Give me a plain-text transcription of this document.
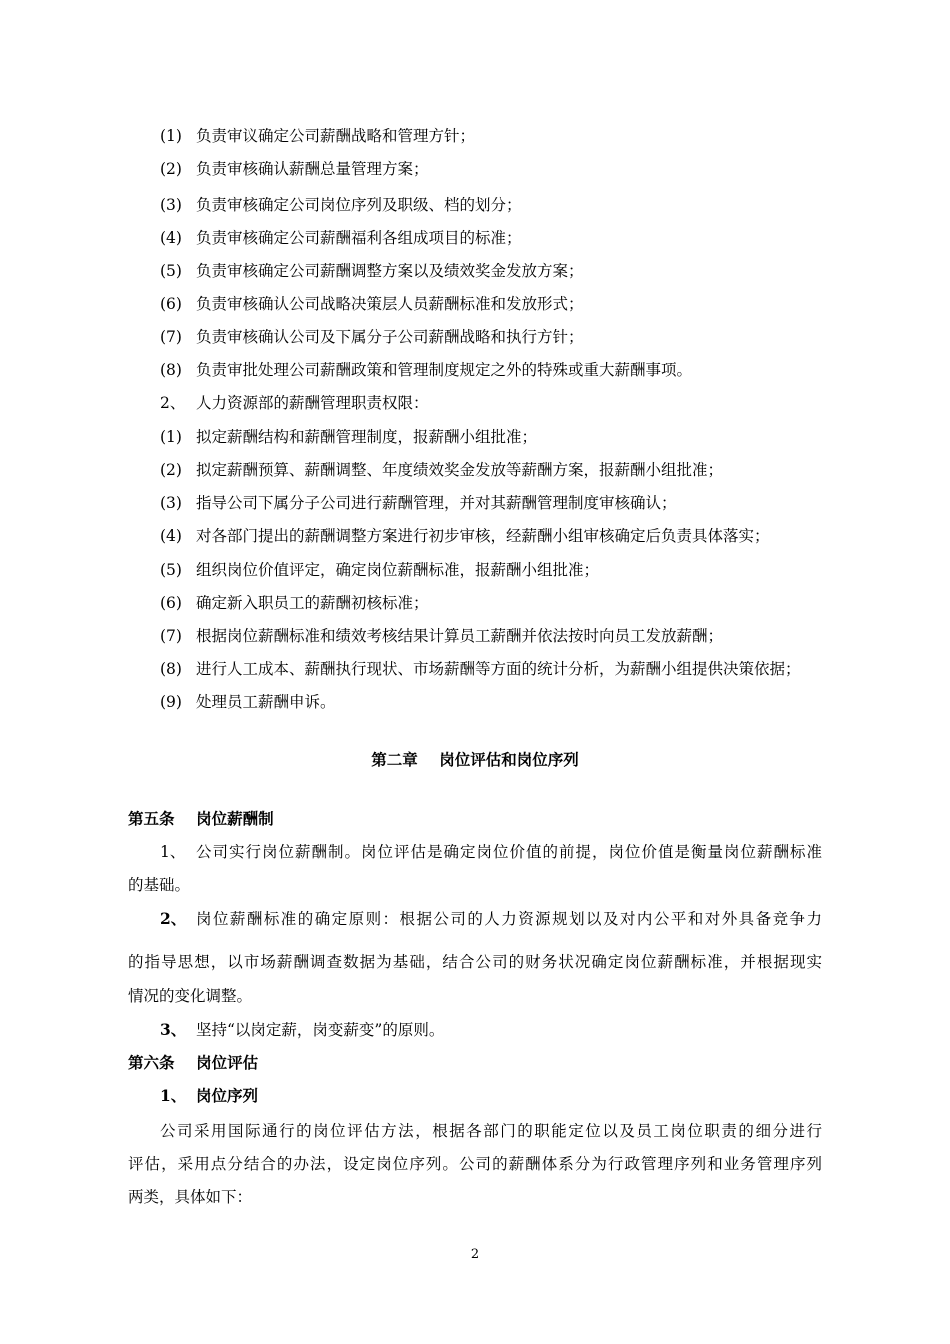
(1) 负责审议确定公司薪酬战略和管理方针；
(2) 负责审核确认薪酬总量管理方案；
(3) 负责审核确定公司岗位序列及职级、档的划分；
(4) 负责审核确定公司薪酬福利各组成项目的标准；
(5) 负责审核确定公司薪酬调整方案以及绩效奖金发放方案；
(6) 负责审核确认公司战略决策层人员薪酬标准和发放形式；
(7) 负责审核确认公司及下属分子公司薪酬战略和执行方针；
(8) 负责审批处理公司薪酬政策和管理制度规定之外的特殊或重大薪酬事项。
2、 人力资源部的薪酬管理职责权限：
(1) 拟定薪酬结构和薪酬管理制度，报薪酬小组批准；
(2) 拟定薪酬预算、薪酬调整、年度绩效奖金发放等薪酬方案，报薪酬小组批准；
(3) 指导公司下属分子公司进行薪酬管理，并对其薪酬管理制度审核确认；
(4) 对各部门提出的薪酬调整方案进行初步审核，经薪酬小组审核确定后负责具体落实；
(5) 组织岗位价值评定，确定岗位薪酬标准，报薪酬小组批准；
(6) 确定新入职员工的薪酬初核标准；
(7) 根据岗位薪酬标准和绩效考核结果计算员工薪酬并依法按时向员工发放薪酬；
(8) 进行人工成本、薪酬执行现状、市场薪酬等方面的统计分析，为薪酬小组提供决策依据；
(9) 处理员工薪酬申诉。
第二章    岗位评估和岗位序列
第五条    岗位薪酬制
1、 公司实行岗位薪酬制。岗位评估是确定岗位价值的前提，岗位价值是衡量岗位薪酬标准
的基础。
2、 岗位薪酬标准的确定原则：根据公司的人力资源规划以及对内公平和对外具备竞争力
的指导思想，以市场薪酬调查数据为基础，结合公司的财务状况确定岗位薪酬标准，并根据现实
情况的变化调整。
3、 坚持“以岗定薪，岗变薪变”的原则。
第六条    岗位评估
1、 岗位序列
公司采用国际通行的岗位评估方法，根据各部门的职能定位以及员工岗位职责的细分进行
评估，采用点分结合的办法，设定岗位序列。公司的薪酬体系分为行政管理序列和业务管理序列
两类，具体如下：
2
